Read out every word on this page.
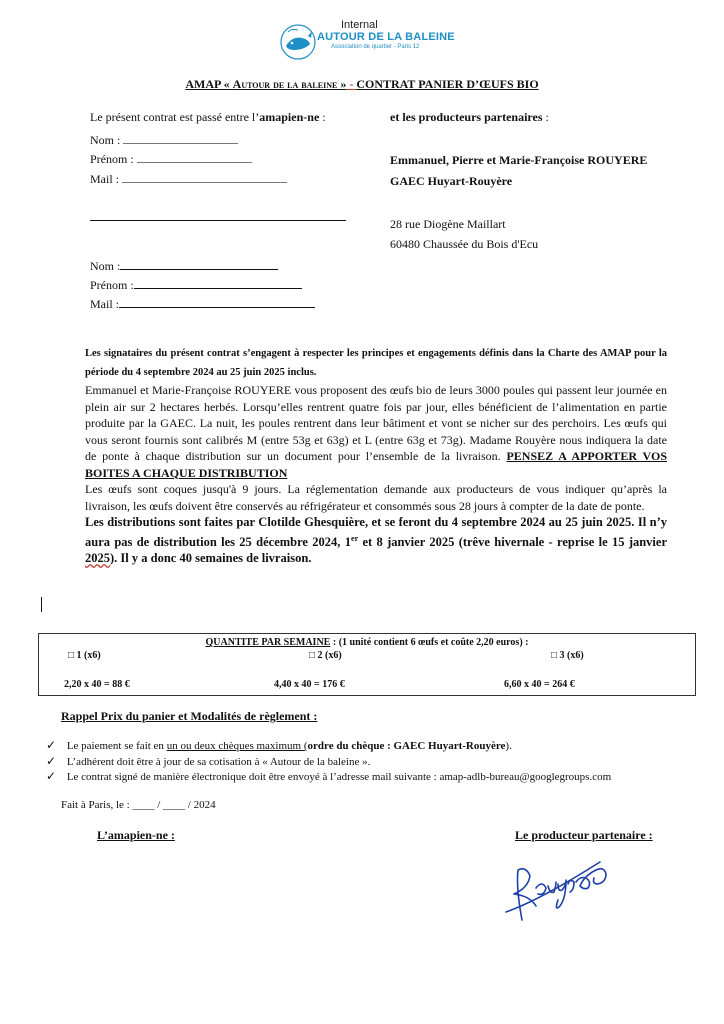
Internal
AUTOUR DE LA BALEINE
Association de quartier - Paris 12
AMAP « Autour de la baleine » - CONTRAT PANIER D’ŒUFS BIO
Le présent contrat est passé entre l’amapien-ne :	et les producteurs partenaires :
Nom :
Prénom :
Mail :
Nom :
Prénom :
Mail :
Emmanuel, Pierre et Marie-Françoise ROUYERE
GAEC Huyart-Rouyère
28 rue Diogène Maillart
60480 Chaussée du Bois d'Ecu

Les signataires du présent contrat s’engagent à respecter les principes et engagements définis dans la Charte des AMAP pour la période du 4 septembre 2024 au 25 juin 2025 inclus.

Emmanuel et Marie-Françoise ROUYERE vous proposent des œufs bio de leurs 3000 poules qui passent leur journée en plein air sur 2 hectares herbés. Lorsqu’elles rentrent quatre fois par jour, elles bénéficient de l’alimentation en partie produite par la GAEC. La nuit, les poules rentrent dans leur bâtiment et vont se nicher sur des perchoirs. Les œufs qui vous seront fournis sont calibrés M (entre 53g et 63g) et L (entre 63g et 73g). Madame Rouyère nous indiquera la date de ponte à chaque distribution sur un document pour l’ensemble de la livraison. PENSEZ A APPORTER VOS BOITES A CHAQUE DISTRIBUTION

Les œufs sont coques jusqu'à 9 jours. La réglementation demande aux producteurs de vous indiquer qu’après la livraison, les œufs doivent être conservés au réfrigérateur et consommés sous 28 jours à compter de la date de ponte.

Les distributions sont faites par Clotilde Ghesquière, et se feront du 4 septembre 2024 au 25 juin 2025. Il n’y aura pas de distribution les 25 décembre 2024, 1er et 8 janvier 2025 (trêve hivernale - reprise le 15 janvier 2025). Il y a donc 40 semaines de livraison.

QUANTITE PAR SEMAINE : (1 unité contient 6 œufs et coûte 2,20 euros) :
□ 1 (x6)	□ 2 (x6)	□ 3 (x6)
2,20 x 40 = 88 €	4,40 x 40 = 176 €	6,60 x 40 = 264 €
Rappel Prix du panier et Modalités de règlement :
✓ Le paiement se fait en un ou deux chèques maximum (ordre du chèque : GAEC Huyart-Rouyère).
✓ L’adhérent doit être à jour de sa cotisation à « Autour de la baleine ».
✓ Le contrat signé de manière électronique doit être envoyé à l’adresse mail suivante : amap-adlb-bureau@googlegroups.com
Fait à Paris, le : ____ / ____ / 2024
L’amapien-ne :	Le producteur partenaire :
